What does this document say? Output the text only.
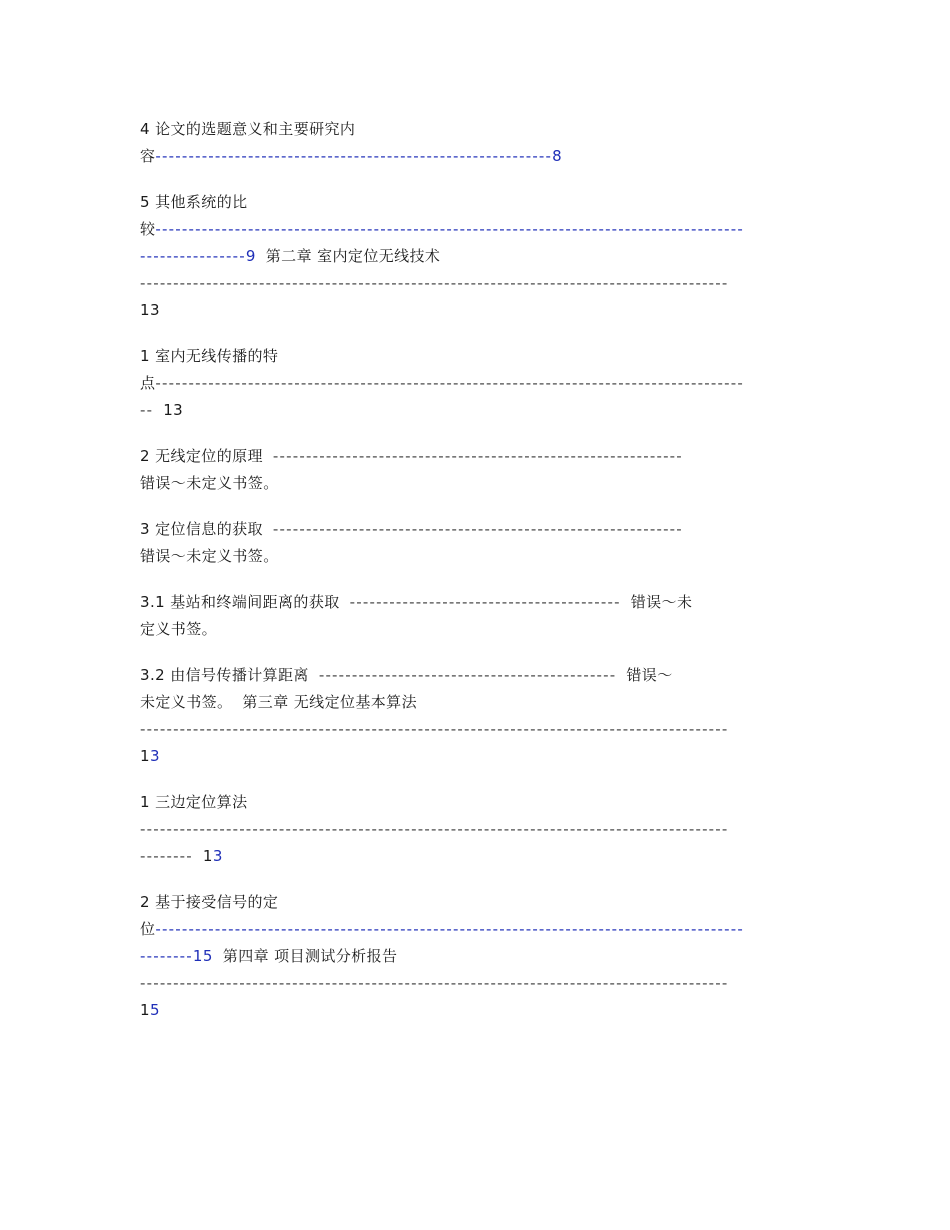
4 论文的选题意义和主要研究内
容------------------------------------------------------------8
5 其他系统的比
较-----------------------------------------------------------------------------------------
----------------9 第二章 室内定位无线技术
-----------------------------------------------------------------------------------------
13
1 室内无线传播的特
点-----------------------------------------------------------------------------------------
-- 13
2 无线定位的原理 --------------------------------------------------------------
错误～未定义书签。
3 定位信息的获取 --------------------------------------------------------------
错误～未定义书签。
3.1 基站和终端间距离的获取 ----------------------------------------- 错误～未
定义书签。
3.2 由信号传播计算距离 --------------------------------------------- 错误～
未定义书签。 第三章 无线定位基本算法
-----------------------------------------------------------------------------------------
13
1 三边定位算法
-----------------------------------------------------------------------------------------
-------- 13
2 基于接受信号的定
位-----------------------------------------------------------------------------------------
--------15 第四章 项目测试分析报告
-----------------------------------------------------------------------------------------
15
